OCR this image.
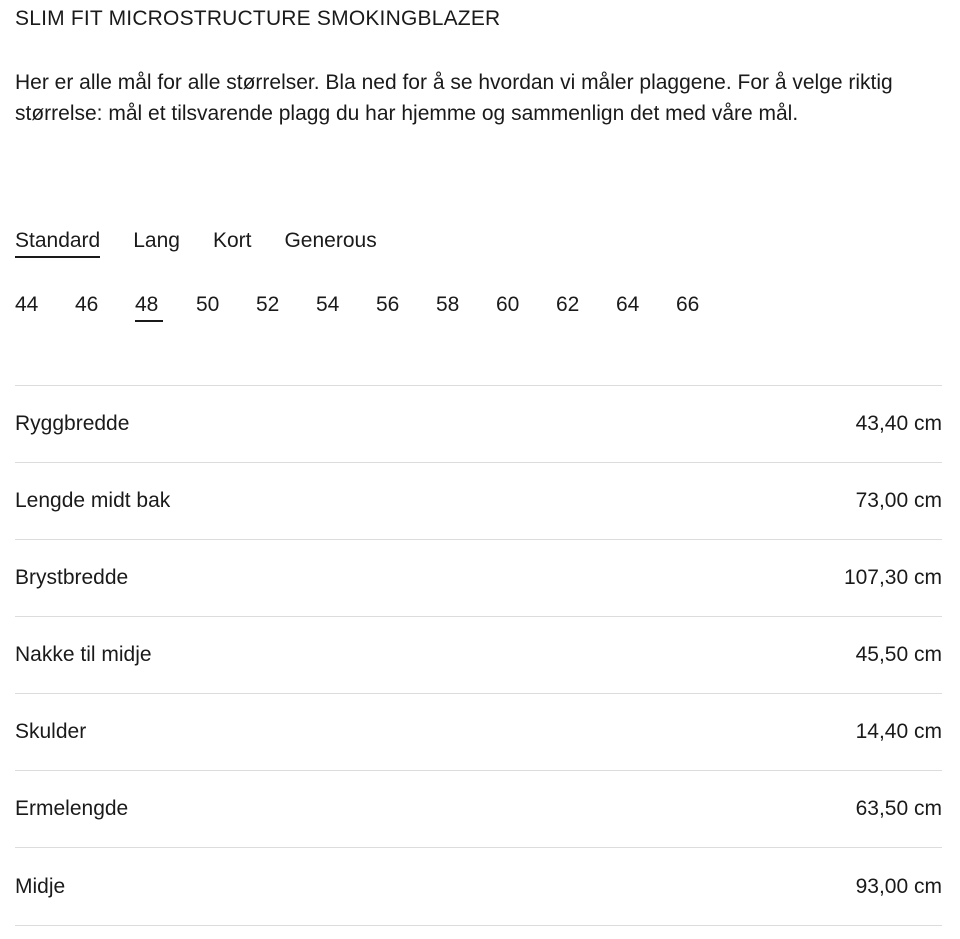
SLIM FIT MICROSTRUCTURE SMOKINGBLAZER
Her er alle mål for alle størrelser. Bla ned for å se hvordan vi måler plaggene. For å velge riktig størrelse: mål et tilsvarende plagg du har hjemme og sammenlign det med våre mål.
Standard Lang Kort Generous
44 46 48 50 52 54 56 58 60 62 64 66
Ryggbredde	43,40 cm
Lengde midt bak	73,00 cm
Brystbredde	107,30 cm
Nakke til midje	45,50 cm
Skulder	14,40 cm
Ermelengde	63,50 cm
Midje	93,00 cm
